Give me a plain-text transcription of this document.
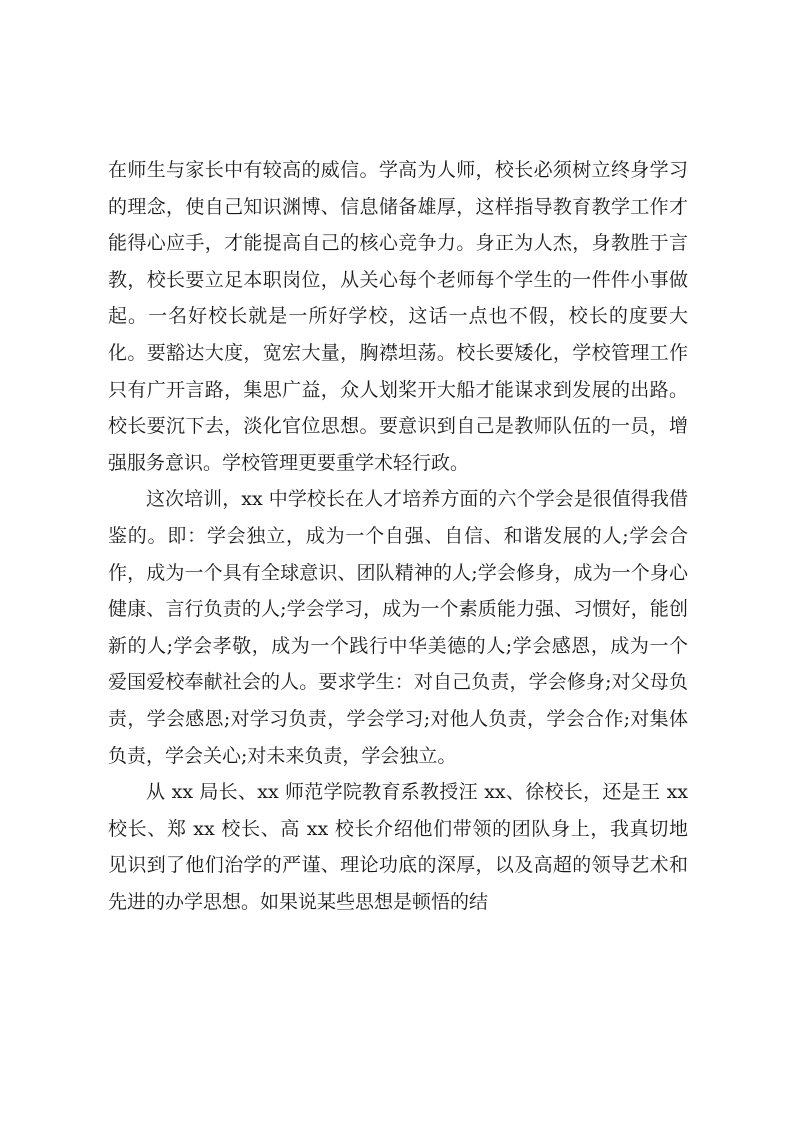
在师生与家长中有较高的威信。学高为人师，校长必须树立终身学习的理念，使自己知识渊博、信息储备雄厚，这样指导教育教学工作才能得心应手，才能提高自己的核心竞争力。身正为人杰，身教胜于言教，校长要立足本职岗位，从关心每个老师每个学生的一件件小事做起。一名好校长就是一所好学校，这话一点也不假，校长的度要大化。要豁达大度，宽宏大量，胸襟坦荡。校长要矮化，学校管理工作只有广开言路，集思广益，众人划桨开大船才能谋求到发展的出路。校长要沉下去，淡化官位思想。要意识到自己是教师队伍的一员，增强服务意识。学校管理更要重学术轻行政。

这次培训，xx 中学校长在人才培养方面的六个学会是很值得我借鉴的。即：学会独立，成为一个自强、自信、和谐发展的人;学会合作，成为一个具有全球意识、团队精神的人;学会修身，成为一个身心健康、言行负责的人;学会学习，成为一个素质能力强、习惯好，能创新的人;学会孝敬，成为一个践行中华美德的人;学会感恩，成为一个爱国爱校奉献社会的人。要求学生：对自己负责，学会修身;对父母负责，学会感恩;对学习负责，学会学习;对他人负责，学会合作;对集体负责，学会关心;对未来负责，学会独立。

从 xx 局长、xx 师范学院教育系教授汪 xx、徐校长，还是王 xx 校长、郑 xx 校长、高 xx 校长介绍他们带领的团队身上，我真切地见识到了他们治学的严谨、理论功底的深厚，以及高超的领导艺术和先进的办学思想。如果说某些思想是顿悟的结
